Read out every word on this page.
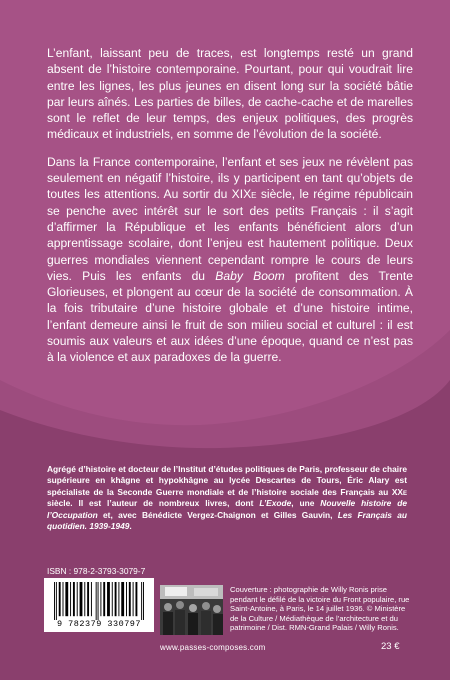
L’enfant, laissant peu de traces, est longtemps resté un grand absent de l’histoire contemporaine. Pourtant, pour qui voudrait lire entre les lignes, les plus jeunes en disent long sur la société bâtie par leurs aînés. Les parties de billes, de cache-cache et de marelles sont le reflet de leur temps, des enjeux politiques, des progrès médicaux et industriels, en somme de l’évolution de la société.

Dans la France contemporaine, l’enfant et ses jeux ne révèlent pas seulement en négatif l’histoire, ils y participent en tant qu’objets de toutes les attentions. Au sortir du XIXe siècle, le régime républicain se penche avec intérêt sur le sort des petits Français : il s’agit d’affirmer la République et les enfants bénéficient alors d’un apprentissage scolaire, dont l’enjeu est hautement politique. Deux guerres mondiales viennent cependant rompre le cours de leurs vies. Puis les enfants du Baby Boom profitent des Trente Glorieuses, et plongent au cœur de la société de consommation. À la fois tributaire d’une histoire globale et d’une histoire intime, l’enfant demeure ainsi le fruit de son milieu social et culturel : il est soumis aux valeurs et aux idées d’une époque, quand ce n’est pas à la violence et aux paradoxes de la guerre.

Agrégé d’histoire et docteur de l’Institut d’études politiques de Paris, professeur de chaire supérieure en khâgne et hypokhâgne au lycée Descartes de Tours, Éric Alary est spécialiste de la Seconde Guerre mondiale et de l’histoire sociale des Français au XXe siècle. Il est l’auteur de nombreux livres, dont L’Exode, une Nouvelle histoire de l’Occupation et, avec Bénédicte Vergez-Chaignon et Gilles Gauvin, Les Français au quotidien. 1939-1949.
ISBN : 978-2-3793-3079-7
9 782379 330797
Couverture : photographie de Willy Ronis prise pendant le défilé de la victoire du Front populaire, rue Saint-Antoine, à Paris, le 14 juillet 1936. © Ministère de la Culture / Médiathèque de l’architecture et du patrimoine / Dist. RMN-Grand Palais / Willy Ronis.
www.passes-composes.com	23 €
